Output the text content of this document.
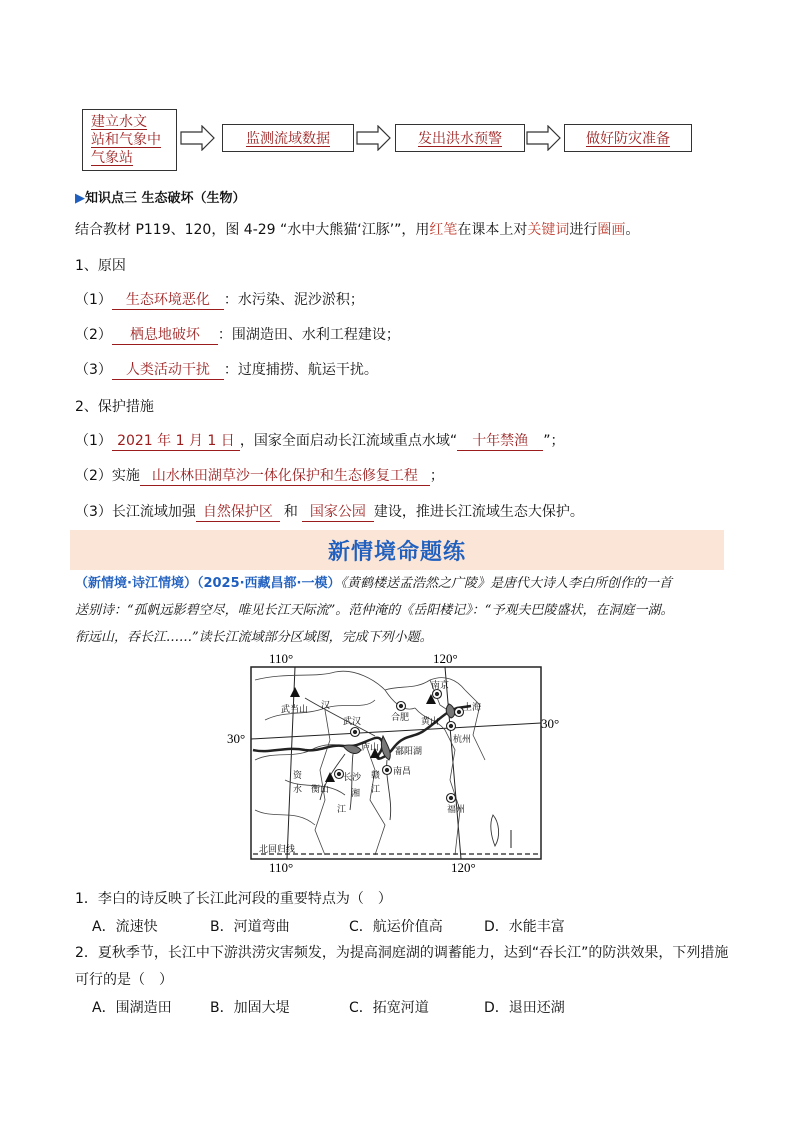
建立水文
站和气象中
气象站
监测流域数据	发出洪水预警	做好防灾准备
▶知识点三 生态破坏（生物）
结合教材 P119、120，图 4-29 “水中大熊猫‘江豚’”，用红笔在课本上对关键词进行圈画。
1、原因
（1） 生态环境恶化 ：水污染、泥沙淤积；
（2） 栖息地破坏 ：围湖造田、水利工程建设；
（3） 人类活动干扰 ：过度捕捞、航运干扰。
2、保护措施
（1） 2021 年 1 月 1 日 ，国家全面启动长江流域重点水域“ 十年禁渔 ”；
（2）实施 山水林田湖草沙一体化保护和生态修复工程 ；
（3）长江流域加强 自然保护区 和 国家公园 建设，推进长江流域生态大保护。
新情境命题练
（新情境·诗江情境）（2025·西藏昌都·一模）《黄鹤楼送孟浩然之广陵》是唐代大诗人李白所创作的一首
送别诗：“孤帆远影碧空尽，唯见长江天际流”。范仲淹的《岳阳楼记》：“予观夫巴陵盛状，在洞庭一湖。
衔远山，吞长江……”读长江流域部分区域图，完成下列小题。
110°	120°
30°
30°
110°	120°
武当山 汉
武汉	合肥
南京
黄山
上海
杭州
庐山 鄱阳湖
南昌
资
水 衡山
长沙
湘
江
赣
江
福州
北回归线
1．李白的诗反映了长江此河段的重要特点为（　）
A．流速快	B．河道弯曲	C．航运价值高	D．水能丰富
2．夏秋季节，长江中下游洪涝灾害频发，为提高洞庭湖的调蓄能力，达到“吞长江”的防洪效果，下列措施
可行的是（　）
A．围湖造田	B．加固大堤	C．拓宽河道	D．退田还湖
